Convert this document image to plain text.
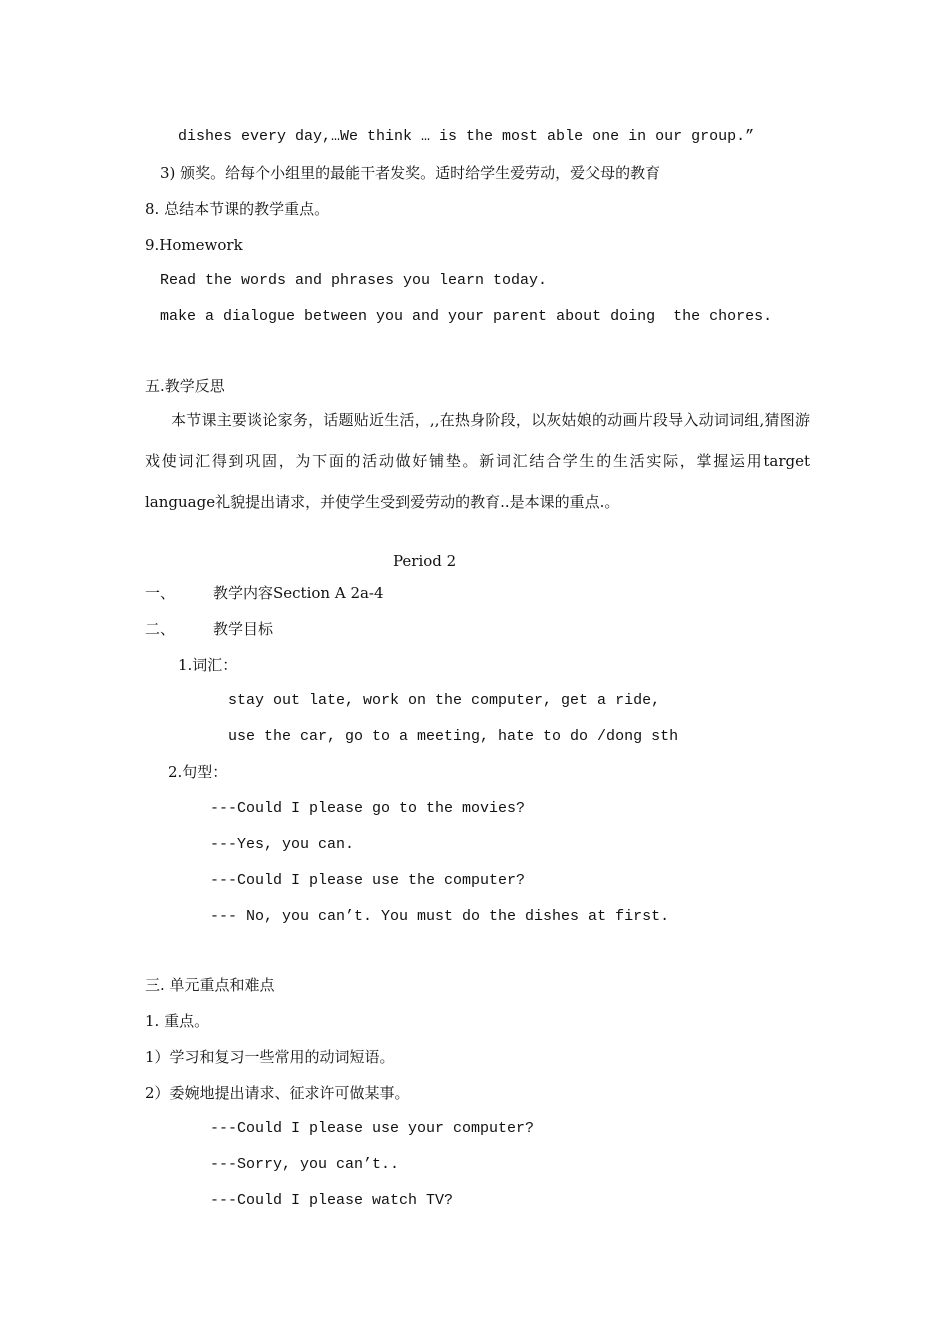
dishes every day,…We think … is the most able one in our group.”
3) 颁奖。给每个小组里的最能干者发奖。适时给学生爱劳动，爱父母的教育
8. 总结本节课的教学重点。
9.Homework
Read the words and phrases you learn today.
make a dialogue between you and your parent about doing  the chores.
五.教学反思
本节课主要谈论家务，话题贴近生活，,,在热身阶段，以灰姑娘的动画片段导入动词词组,猜图游戏使词汇得到巩固，为下面的活动做好铺垫。新词汇结合学生的生活实际，掌握运用target language礼貌提出请求，并使学生受到爱劳动的教育..是本课的重点.。
Period 2
一、	教学内容Section A 2a-4
二、	教学目标
1.词汇：
stay out late, work on the computer, get a ride,
use the car, go to a meeting, hate to do /dong sth
2.句型：
---Could I please go to the movies?
---Yes, you can.
---Could I please use the computer?
--- No, you can’t. You must do the dishes at first.
三. 单元重点和难点
1. 重点。
1）学习和复习一些常用的动词短语。
2）委婉地提出请求、征求许可做某事。
---Could I please use your computer?
---Sorry, you can’t..
---Could I please watch TV?
